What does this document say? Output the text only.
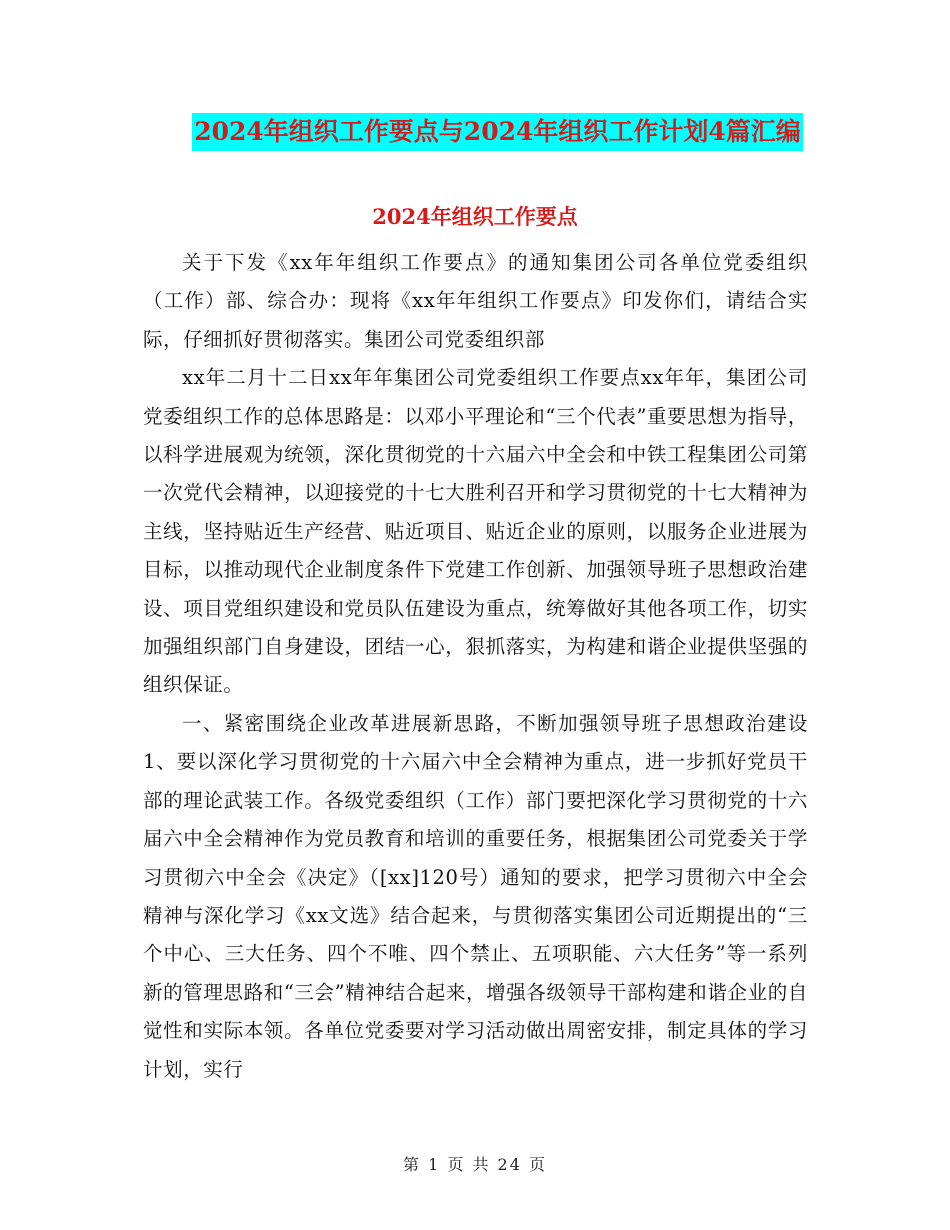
2024年组织工作要点与2024年组织工作计划4篇汇编
2024年组织工作要点

关于下发《xx年年组织工作要点》的通知集团公司各单位党委组织（工作）部、综合办：现将《xx年年组织工作要点》印发你们，请结合实际，仔细抓好贯彻落实。集团公司党委组织部

xx年二月十二日xx年年集团公司党委组织工作要点xx年年，集团公司党委组织工作的总体思路是：以邓小平理论和“三个代表”重要思想为指导，以科学进展观为统领，深化贯彻党的十六届六中全会和中铁工程集团公司第一次党代会精神，以迎接党的十七大胜利召开和学习贯彻党的十七大精神为主线，坚持贴近生产经营、贴近项目、贴近企业的原则，以服务企业进展为目标，以推动现代企业制度条件下党建工作创新、加强领导班子思想政治建设、项目党组织建设和党员队伍建设为重点，统筹做好其他各项工作，切实加强组织部门自身建设，团结一心，狠抓落实，为构建和谐企业提供坚强的组织保证。

一、紧密围绕企业改革进展新思路，不断加强领导班子思想政治建设1、要以深化学习贯彻党的十六届六中全会精神为重点，进一步抓好党员干部的理论武装工作。各级党委组织（工作）部门要把深化学习贯彻党的十六届六中全会精神作为党员教育和培训的重要任务，根据集团公司党委关于学习贯彻六中全会《决定》（[xx]120号）通知的要求，把学习贯彻六中全会精神与深化学习《xx文选》结合起来，与贯彻落实集团公司近期提出的“三个中心、三大任务、四个不唯、四个禁止、五项职能、六大任务”等一系列新的管理思路和“三会”精神结合起来，增强各级领导干部构建和谐企业的自觉性和实际本领。各单位党委要对学习活动做出周密安排，制定具体的学习计划，实行

第 1 页 共 24 页
